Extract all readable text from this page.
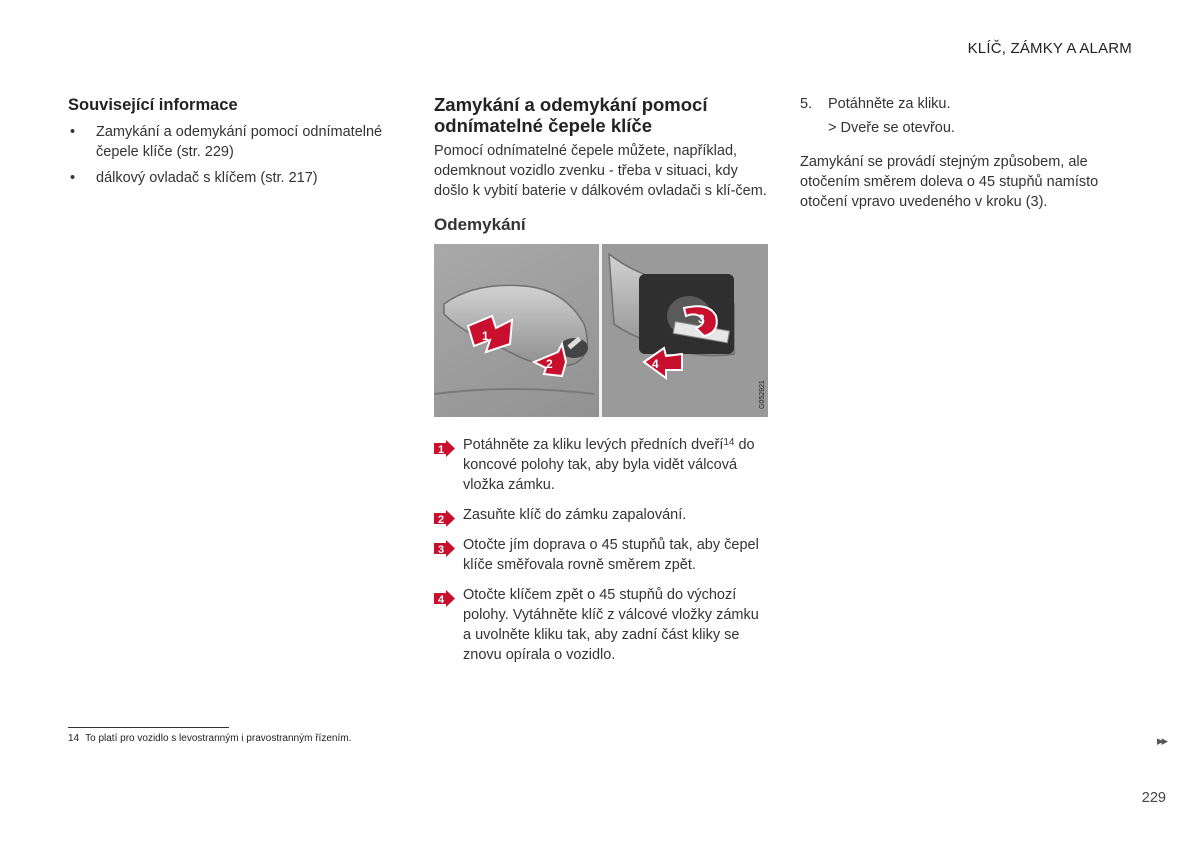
KLÍČ, ZÁMKY A ALARM
Související informace
• Zamykání a odemykání pomocí odnímatelné čepele klíče (str. 229)
• dálkový ovladač s klíčem (str. 217)
Zamykání a odemykání pomocí odnímatelné čepele klíče

Pomocí odnímatelné čepele můžete, například, odemknout vozidlo zvenku - třeba v situaci, kdy došlo k vybití baterie v dálkovém ovladači s klí-čem.

Odemykání
G052921
1
2
3
4
1 Potáhněte za kliku levých předních dveří$^{14}$ do koncové polohy tak, aby byla vidět válcová vložka zámku.
2 Zasuňte klíč do zámku zapalování.
3 Otočte jím doprava o 45 stupňů tak, aby čepel klíče směřovala rovně směrem zpět.
4 Otočte klíčem zpět o 45 stupňů do výchozí polohy. Vytáhněte klíč z válcové vložky zámku a uvolněte kliku tak, aby zadní část kliky se znovu opírala o vozidlo.
5. Potáhněte za kliku.
> Dveře se otevřou.

Zamykání se provádí stejným způsobem, ale otočením směrem doleva o 45 stupňů namísto otočení vpravo uvedeného v kroku (3).

14 To platí pro vozidlo s levostranným i pravostranným řízením.	▸▸
229
